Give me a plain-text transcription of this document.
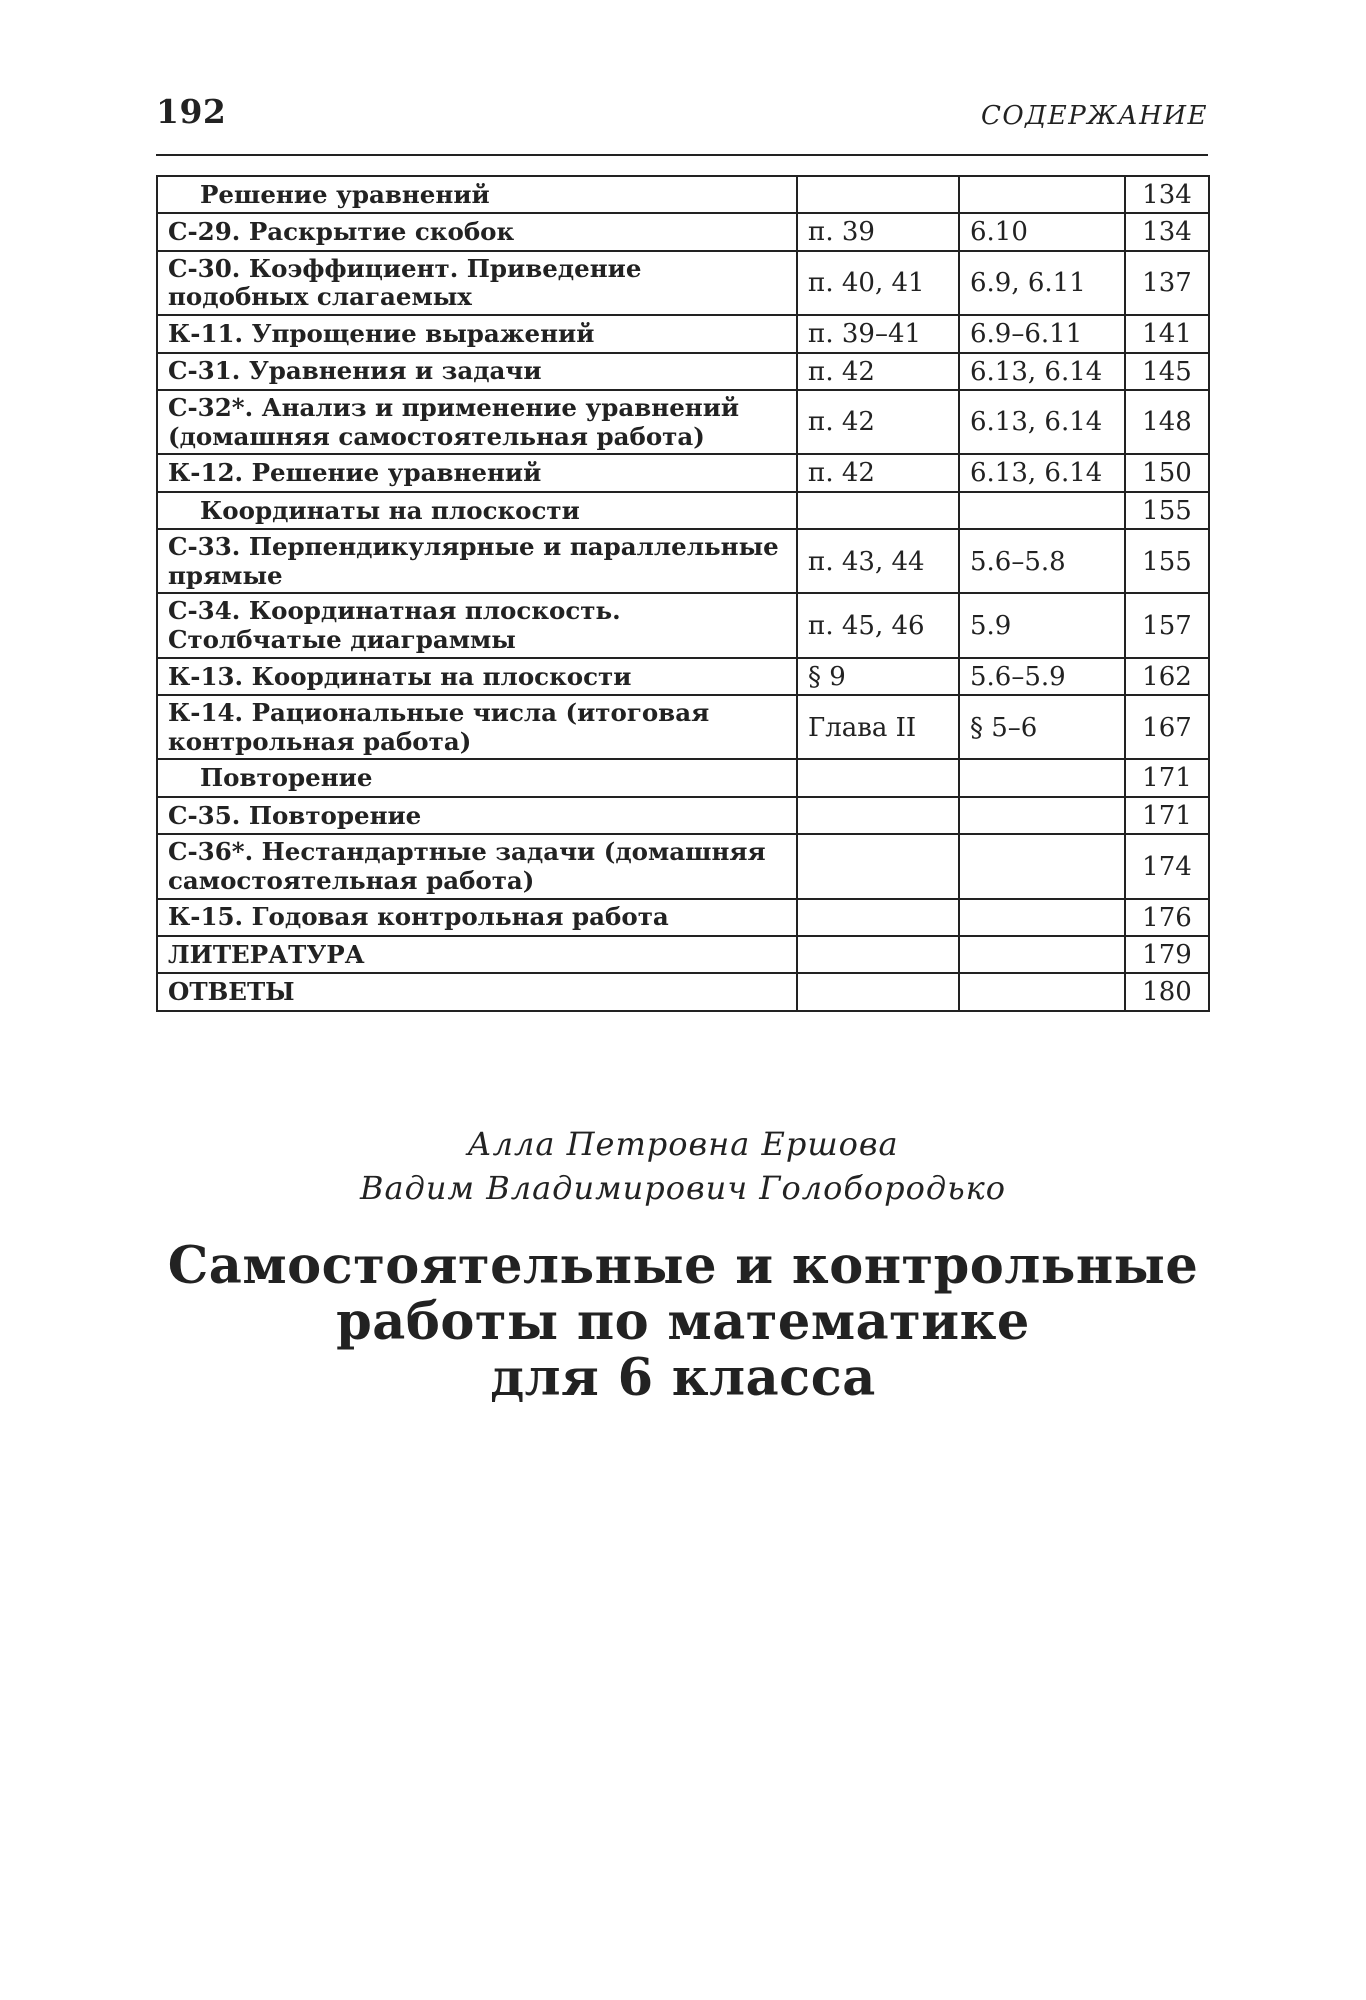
192	СОДЕРЖАНИЕ
Решение уравнений			134
С-29. Раскрытие скобок	п. 39	6.10	134
С-30. Коэффициент. Приведение подобных слагаемых	п. 40, 41	6.9, 6.11	137
К-11. Упрощение выражений	п. 39–41	6.9–6.11	141
С-31. Уравнения и задачи	п. 42	6.13, 6.14	145
С-32*. Анализ и применение уравнений (домашняя самостоятельная работа)	п. 42	6.13, 6.14	148
К-12. Решение уравнений	п. 42	6.13, 6.14	150
Координаты на плоскости			155
С-33. Перпендикулярные и параллельные прямые	п. 43, 44	5.6–5.8	155
С-34. Координатная плоскость. Столбчатые диаграммы	п. 45, 46	5.9	157
К-13. Координаты на плоскости	§ 9	5.6–5.9	162
К-14. Рациональные числа (итоговая контрольная работа)	Глава II	§ 5–6	167
Повторение			171
С-35. Повторение			171
С-36*. Нестандартные задачи (домашняя самостоятельная работа)			174
К-15. Годовая контрольная работа			176
ЛИТЕРАТУРА			179
ОТВЕТЫ			180
Алла Петровна Ершова
Вадим Владимирович Голобородько
Самостоятельные и контрольные
работы по математике
для 6 класса
